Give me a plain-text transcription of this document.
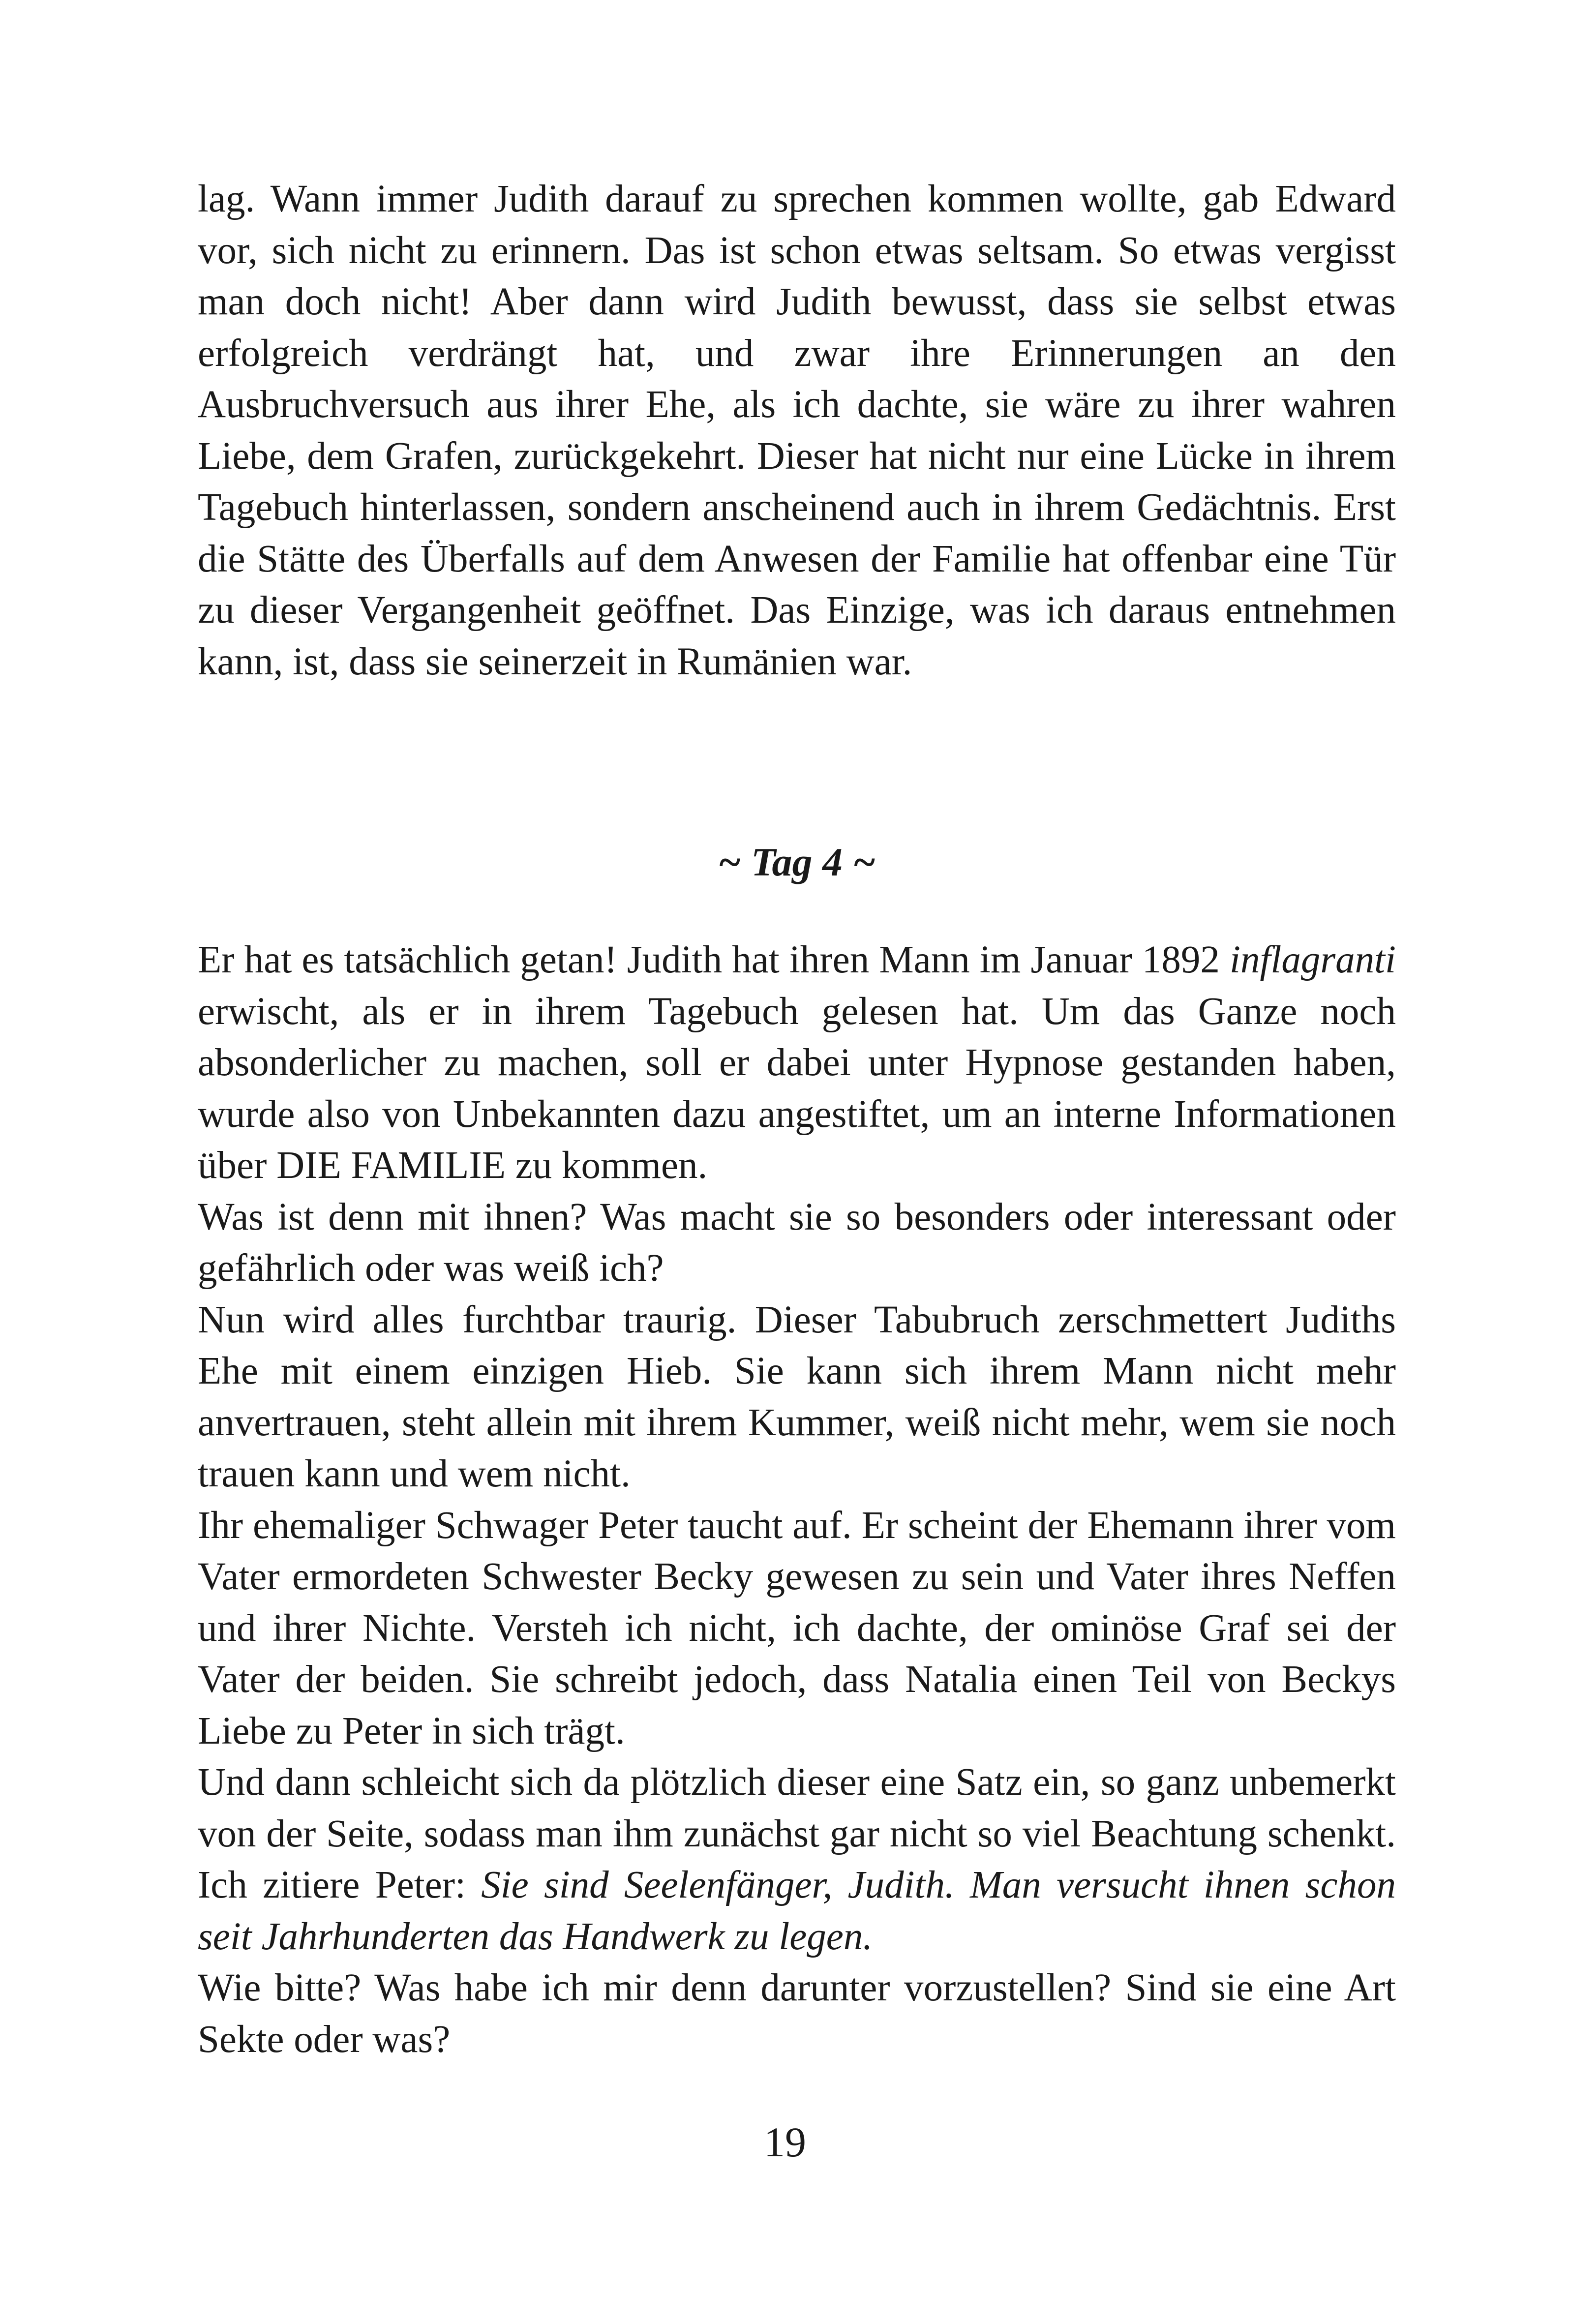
lag. Wann immer Judith darauf zu sprechen kommen wollte, gab Edward vor, sich nicht zu erinnern. Das ist schon etwas seltsam. So etwas vergisst man doch nicht! Aber dann wird Judith bewusst, dass sie selbst etwas erfolgreich verdrängt hat, und zwar ihre Erinnerungen an den Ausbruchversuch aus ihrer Ehe, als ich dachte, sie wäre zu ihrer wahren Liebe, dem Grafen, zurückgekehrt. Dieser hat nicht nur eine Lücke in ihrem Tagebuch hinterlassen, sondern anscheinend auch in ihrem Gedächtnis. Erst die Stätte des Überfalls auf dem Anwesen der Familie hat offenbar eine Tür zu dieser Vergangenheit geöffnet. Das Einzige, was ich daraus entnehmen kann, ist, dass sie seinerzeit in Rumänien war.

~ Tag 4 ~

Er hat es tatsächlich getan! Judith hat ihren Mann im Januar 1892 inflagranti erwischt, als er in ihrem Tagebuch gelesen hat. Um das Ganze noch absonderlicher zu machen, soll er dabei unter Hypnose gestanden haben, wurde also von Unbekannten dazu angestiftet, um an interne Informationen über DIE FAMILIE zu kommen.

Was ist denn mit ihnen? Was macht sie so besonders oder interessant oder gefährlich oder was weiß ich?

Nun wird alles furchtbar traurig. Dieser Tabubruch zerschmettert Judiths Ehe mit einem einzigen Hieb. Sie kann sich ihrem Mann nicht mehr anvertrauen, steht allein mit ihrem Kummer, weiß nicht mehr, wem sie noch trauen kann und wem nicht.

Ihr ehemaliger Schwager Peter taucht auf. Er scheint der Ehemann ihrer vom Vater ermordeten Schwester Becky gewesen zu sein und Vater ihres Neffen und ihrer Nichte. Versteh ich nicht, ich dachte, der ominöse Graf sei der Vater der beiden. Sie schreibt jedoch, dass Natalia einen Teil von Beckys Liebe zu Peter in sich trägt.

Und dann schleicht sich da plötzlich dieser eine Satz ein, so ganz unbemerkt von der Seite, sodass man ihm zunächst gar nicht so viel Beachtung schenkt. Ich zitiere Peter: Sie sind Seelenfänger, Judith. Man versucht ihnen schon seit Jahrhunderten das Handwerk zu legen.

Wie bitte? Was habe ich mir denn darunter vorzustellen? Sind sie eine Art Sekte oder was?

19
